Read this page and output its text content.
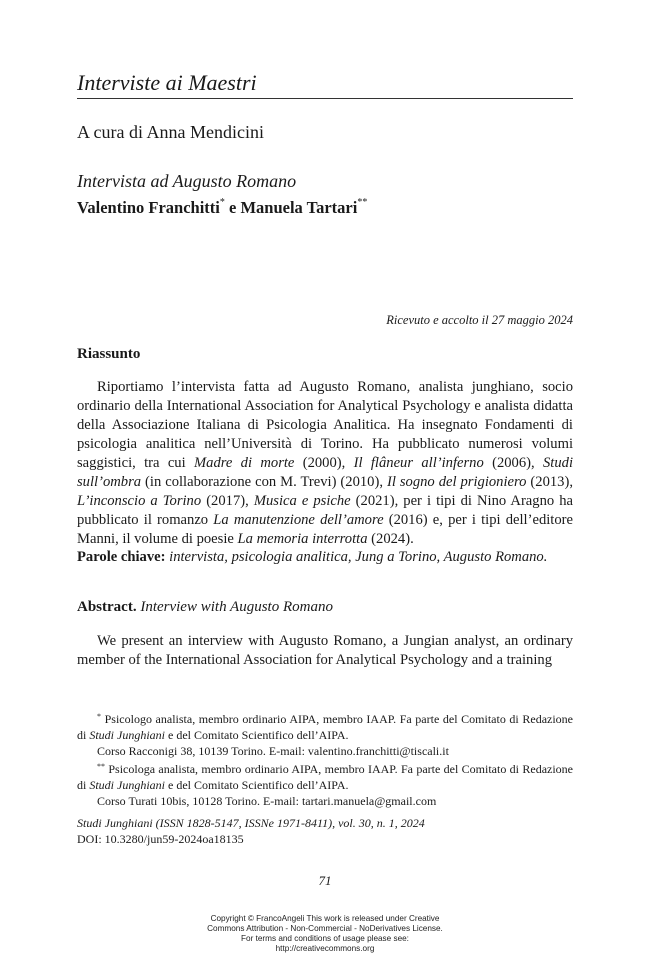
Interviste ai Maestri
A cura di Anna Mendicini
Intervista ad Augusto Romano
Valentino Franchitti* e Manuela Tartari**
Ricevuto e accolto il 27 maggio 2024
Riassunto
Riportiamo l’intervista fatta ad Augusto Romano, analista junghiano, socio ordinario della International Association for Analytical Psychology e analista didatta della Associazione Italiana di Psicologia Analitica. Ha insegnato Fondamenti di psicologia analitica nell’Università di Torino. Ha pubblicato numerosi volumi saggistici, tra cui Madre di morte (2000), Il flâneur all’inferno (2006), Studi sull’ombra (in collaborazione con M. Trevi) (2010), Il sogno del prigioniero (2013), L’inconscio a Torino (2017), Musica e psiche (2021), per i tipi di Nino Aragno ha pubblicato il romanzo La manutenzione dell’amore (2016) e, per i tipi dell’editore Manni, il volume di poesie La memoria interrotta (2024).
Parole chiave: intervista, psicologia analitica, Jung a Torino, Augusto Romano.
Abstract. Interview with Augusto Romano
We present an interview with Augusto Romano, a Jungian analyst, an ordinary member of the International Association for Analytical Psychology and a training
* Psicologo analista, membro ordinario AIPA, membro IAAP. Fa parte del Comitato di Redazione di Studi Junghiani e del Comitato Scientifico dell’AIPA.
Corso Racconigi 38, 10139 Torino. E-mail: valentino.franchitti@tiscali.it
** Psicologa analista, membro ordinario AIPA, membro IAAP. Fa parte del Comitato di Redazione di Studi Junghiani e del Comitato Scientifico dell’AIPA.
Corso Turati 10bis, 10128 Torino. E-mail: tartari.manuela@gmail.com
Studi Junghiani (ISSN 1828-5147, ISSNe 1971-8411), vol. 30, n. 1, 2024
DOI: 10.3280/jun59-2024oa18135
71
Copyright © FrancoAngeli This work is released under Creative
Commons Attribution - Non-Commercial - NoDerivatives License.
For terms and conditions of usage please see:
http://creativecommons.org
